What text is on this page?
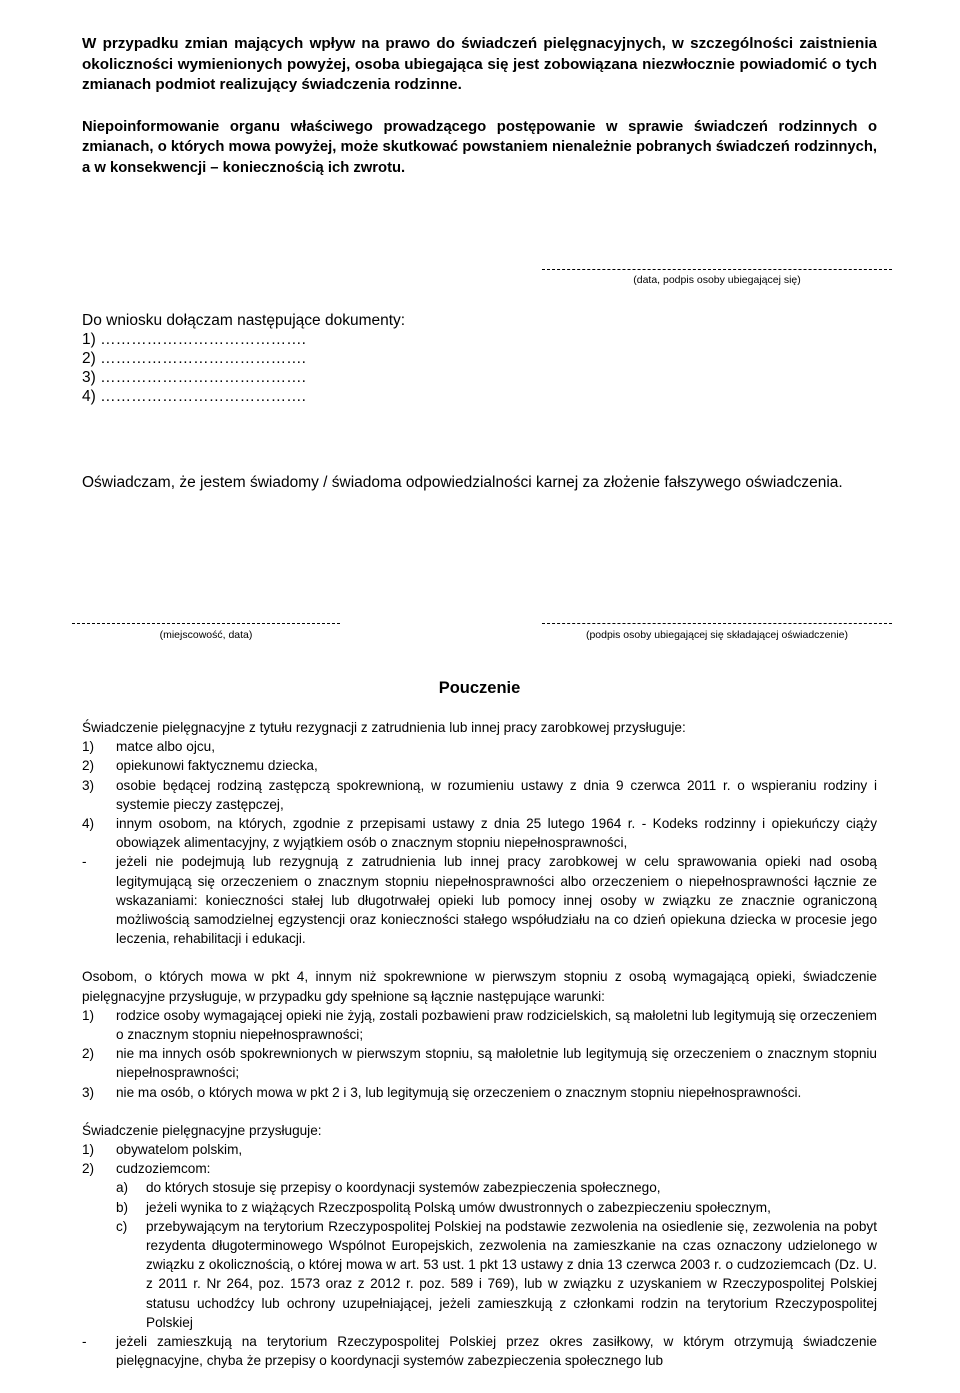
W przypadku zmian mających wpływ na prawo do świadczeń pielęgnacyjnych, w szczególności zaistnienia okoliczności wymienionych powyżej, osoba ubiegająca się jest zobowiązana niezwłocznie powiadomić o tych zmianach podmiot realizujący świadczenia rodzinne.

Niepoinformowanie organu właściwego prowadzącego postępowanie w sprawie świadczeń rodzinnych o zmianach, o których mowa powyżej, może skutkować powstaniem nienależnie pobranych świadczeń rodzinnych, a w konsekwencji – koniecznością ich zwrotu.

(data, podpis osoby ubiegającej się)
Do wniosku dołączam następujące dokumenty:
1) ………………………………….
2) ………………………………….
3) ………………………………….
4) ………………………………….
Oświadczam, że jestem świadomy / świadoma odpowiedzialności karnej za złożenie fałszywego oświadczenia.
(miejscowość, data)	(podpis osoby ubiegającej się składającej oświadczenie)
Pouczenie
Świadczenie pielęgnacyjne z tytułu rezygnacji z zatrudnienia lub innej pracy zarobkowej przysługuje:
1)	matce albo ojcu,
2)	opiekunowi faktycznemu dziecka,
3)	osobie będącej rodziną zastępczą spokrewnioną, w rozumieniu ustawy z dnia 9 czerwca 2011 r. o wspieraniu rodziny i systemie pieczy zastępczej,
4)	innym osobom, na których, zgodnie z przepisami ustawy z dnia 25 lutego 1964 r. - Kodeks rodzinny i opiekuńczy ciąży obowiązek alimentacyjny, z wyjątkiem osób o znacznym stopniu niepełnosprawności,
-	jeżeli nie podejmują lub rezygnują z zatrudnienia lub innej pracy zarobkowej w celu sprawowania opieki nad osobą legitymującą się orzeczeniem o znacznym stopniu niepełnosprawności albo orzeczeniem o niepełnosprawności łącznie ze wskazaniami: konieczności stałej lub długotrwałej opieki lub pomocy innej osoby w związku ze znacznie ograniczoną możliwością samodzielnej egzystencji oraz konieczności stałego współudziału na co dzień opiekuna dziecka w procesie jego leczenia, rehabilitacji i edukacji.
Osobom, o których mowa w pkt 4, innym niż spokrewnione w pierwszym stopniu z osobą wymagającą opieki, świadczenie pielęgnacyjne przysługuje, w przypadku gdy spełnione są łącznie następujące warunki:
1)	rodzice osoby wymagającej opieki nie żyją, zostali pozbawieni praw rodzicielskich, są małoletni lub legitymują się orzeczeniem o znacznym stopniu niepełnosprawności;
2)	nie ma innych osób spokrewnionych w pierwszym stopniu, są małoletnie lub legitymują się orzeczeniem o znacznym stopniu niepełnosprawności;
3)	nie ma osób, o których mowa w pkt 2 i 3, lub legitymują się orzeczeniem o znacznym stopniu niepełnosprawności.
Świadczenie pielęgnacyjne przysługuje:
1)	obywatelom polskim,
2)	cudzoziemcom:
a)	do których stosuje się przepisy o koordynacji systemów zabezpieczenia społecznego,
b)	jeżeli wynika to z wiążących Rzeczpospolitą Polską umów dwustronnych o zabezpieczeniu społecznym,
c)	przebywającym na terytorium Rzeczypospolitej Polskiej na podstawie zezwolenia na osiedlenie się, zezwolenia na pobyt rezydenta długoterminowego Wspólnot Europejskich, zezwolenia na zamieszkanie na czas oznaczony udzielonego w związku z okolicznością, o której mowa w art. 53 ust. 1 pkt 13 ustawy z dnia 13 czerwca 2003 r. o cudzoziemcach (Dz. U. z 2011 r. Nr 264, poz. 1573 oraz z 2012 r. poz. 589 i 769), lub w związku z uzyskaniem w Rzeczypospolitej Polskiej statusu uchodźcy lub ochrony uzupełniającej, jeżeli zamieszkują z członkami rodzin na terytorium Rzeczypospolitej Polskiej
-	jeżeli zamieszkują na terytorium Rzeczypospolitej Polskiej przez okres zasiłkowy, w którym otrzymują świadczenie pielęgnacyjne, chyba że przepisy o koordynacji systemów zabezpieczenia społecznego lub
